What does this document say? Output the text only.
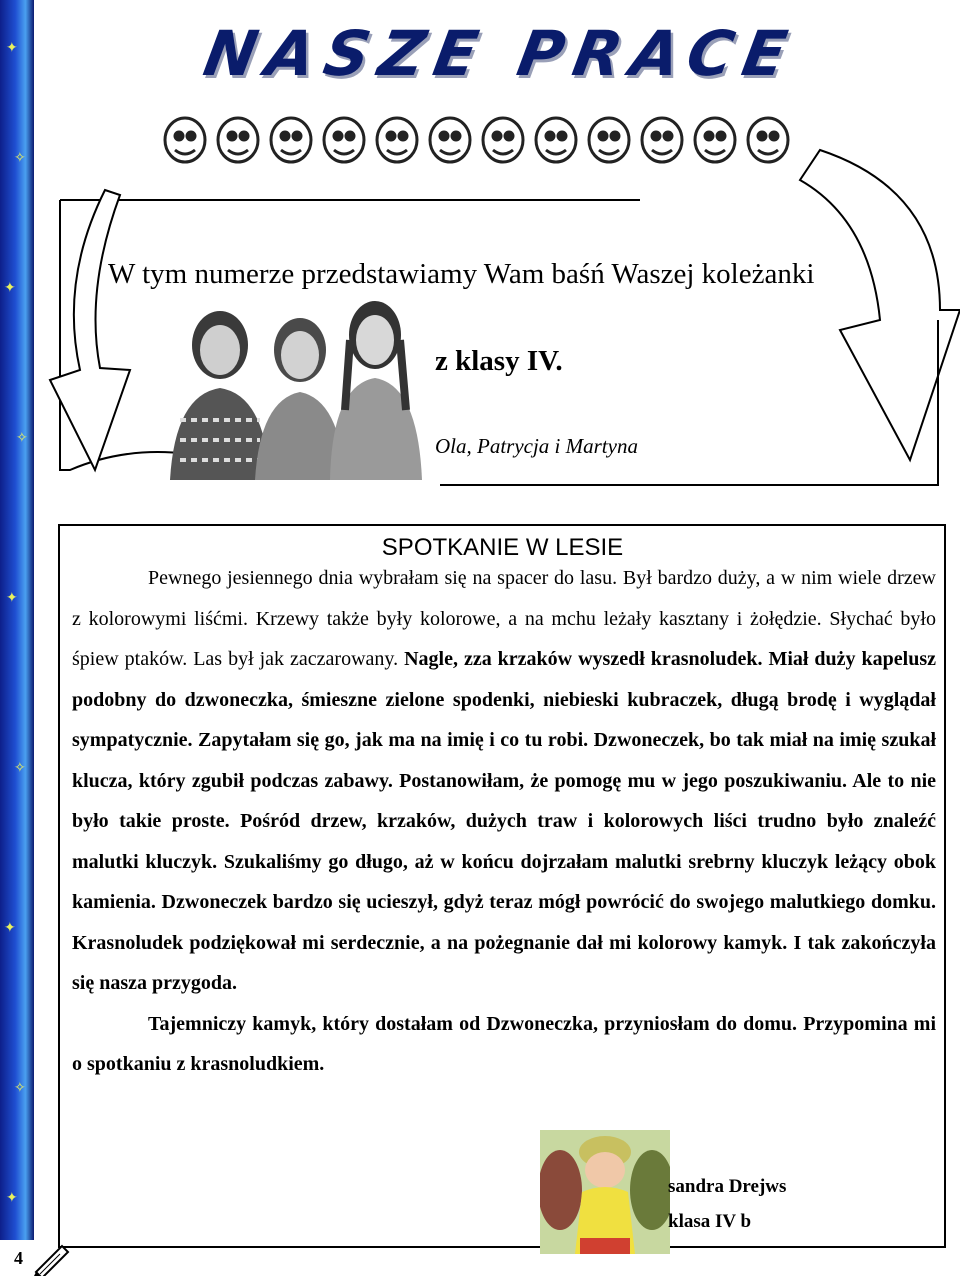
✦
✧
✦
✧
✦
✧
✦
✧
✦
NASZE PRACE
W tym numerze przedstawiamy Wam baśń Waszej koleżanki
z klasy IV.
Ola, Patrycja i Martyna
SPOTKANIE W LESIE

Pewnego jesiennego dnia wybrałam się na spacer do lasu. Był bardzo duży, a w nim wiele drzew z kolorowymi liśćmi. Krzewy także były kolorowe, a na mchu leżały kasztany i żołędzie. Słychać było śpiew ptaków. Las był jak zaczarowany. Nagle, zza krzaków wyszedł krasnoludek. Miał duży kapelusz podobny do dzwoneczka, śmieszne zielone spodenki, niebieski kubraczek, długą brodę i wyglądał sympatycznie. Zapytałam się go, jak ma na imię i co tu robi. Dzwoneczek, bo tak miał na imię szukał klucza, który zgubił podczas zabawy. Postanowiłam, że pomogę mu w jego poszukiwaniu. Ale to nie było takie proste. Pośród drzew, krzaków, dużych traw i kolorowych liści trudno było znaleźć malutki kluczyk. Szukaliśmy go długo, aż w końcu dojrzałam malutki srebrny kluczyk leżący obok kamienia. Dzwoneczek bardzo się ucieszył, gdyż teraz mógł powrócić do swojego malutkiego domku. Krasnoludek podziękował mi serdecznie, a na pożegnanie dał mi kolorowy kamyk. I tak zakończyła się nasza przygoda.

Tajemniczy kamyk, który dostałam od Dzwoneczka, przyniosłam do domu. Przypomina mi o spotkaniu z krasnoludkiem.

sandra Drejws
klasa IV b
4
